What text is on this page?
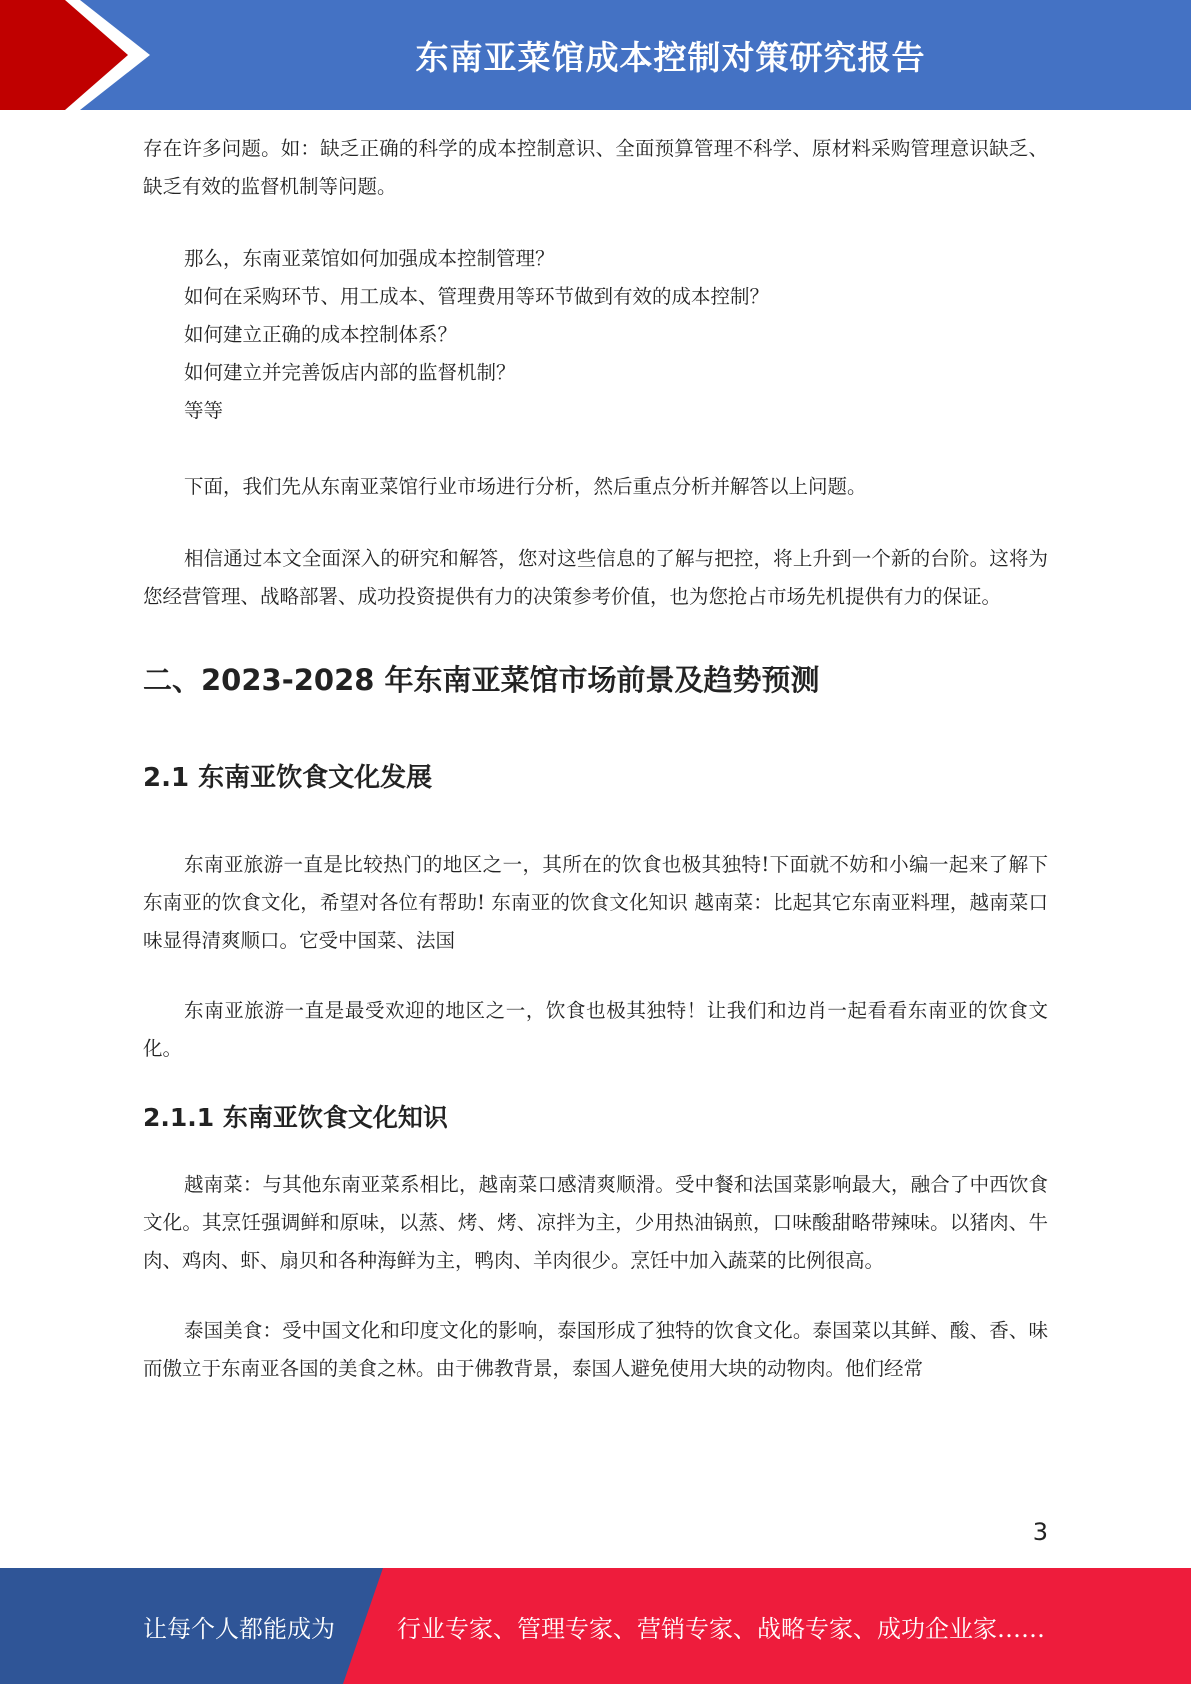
东南亚菜馆成本控制对策研究报告

存在许多问题。如：缺乏正确的科学的成本控制意识、全面预算管理不科学、原材料采购管理意识缺乏、缺乏有效的监督机制等问题。

那么，东南亚菜馆如何加强成本控制管理？

如何在采购环节、用工成本、管理费用等环节做到有效的成本控制？

如何建立正确的成本控制体系？

如何建立并完善饭店内部的监督机制？

等等

下面，我们先从东南亚菜馆行业市场进行分析，然后重点分析并解答以上问题。

相信通过本文全面深入的研究和解答，您对这些信息的了解与把控，将上升到一个新的台阶。这将为您经营管理、战略部署、成功投资提供有力的决策参考价值，也为您抢占市场先机提供有力的保证。

二、2023-2028 年东南亚菜馆市场前景及趋势预测
2.1 东南亚饮食文化发展

东南亚旅游一直是比较热门的地区之一，其所在的饮食也极其独特!下面就不妨和小编一起来了解下东南亚的饮食文化，希望对各位有帮助! 东南亚的饮食文化知识 越南菜：比起其它东南亚料理，越南菜口味显得清爽顺口。它受中国菜、法国

东南亚旅游一直是最受欢迎的地区之一，饮食也极其独特！让我们和边肖一起看看东南亚的饮食文化。

2.1.1 东南亚饮食文化知识

越南菜：与其他东南亚菜系相比，越南菜口感清爽顺滑。受中餐和法国菜影响最大，融合了中西饮食文化。其烹饪强调鲜和原味，以蒸、烤、烤、凉拌为主，少用热油锅煎，口味酸甜略带辣味。以猪肉、牛肉、鸡肉、虾、扇贝和各种海鲜为主，鸭肉、羊肉很少。烹饪中加入蔬菜的比例很高。

泰国美食：受中国文化和印度文化的影响，泰国形成了独特的饮食文化。泰国菜以其鲜、酸、香、味而傲立于东南亚各国的美食之林。由于佛教背景，泰国人避免使用大块的动物肉。他们经常

3
让每个人都能成为	行业专家、管理专家、营销专家、战略专家、成功企业家……
